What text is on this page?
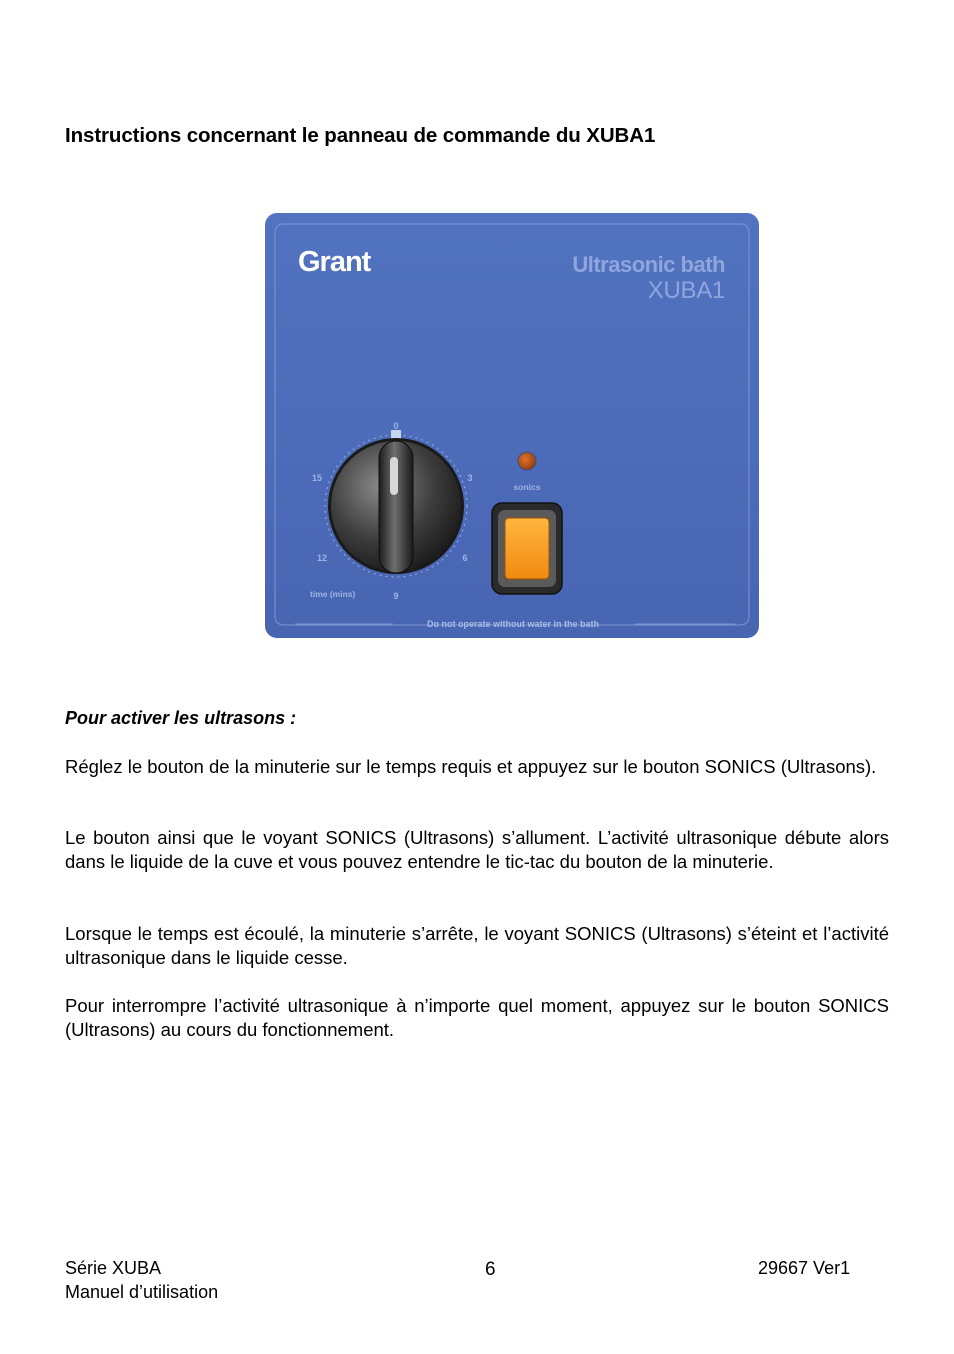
Instructions concernant le panneau de commande du XUBA1
Grant	Ultrasonic bath
XUBA1
0
3
6
9
12
15
time (mins)
sonics
Do not operate without water in the bath
Pour activer les ultrasons :

Réglez le bouton de la minuterie sur le temps requis et appuyez sur le bouton SONICS (Ultrasons).

Le bouton ainsi que le voyant SONICS (Ultrasons) s’allument. L’activité ultrasonique débute alors dans le liquide de la cuve et vous pouvez entendre le tic-tac du bouton de la minuterie.

Lorsque le temps est écoulé, la minuterie s’arrête, le voyant SONICS (Ultrasons) s’éteint et l’activité ultrasonique dans le liquide cesse.

Pour interrompre l’activité ultrasonique à n’importe quel moment, appuyez sur le bouton SONICS (Ultrasons) au cours du fonctionnement.

Série XUBA
Manuel d’utilisation
6	29667 Ver1
